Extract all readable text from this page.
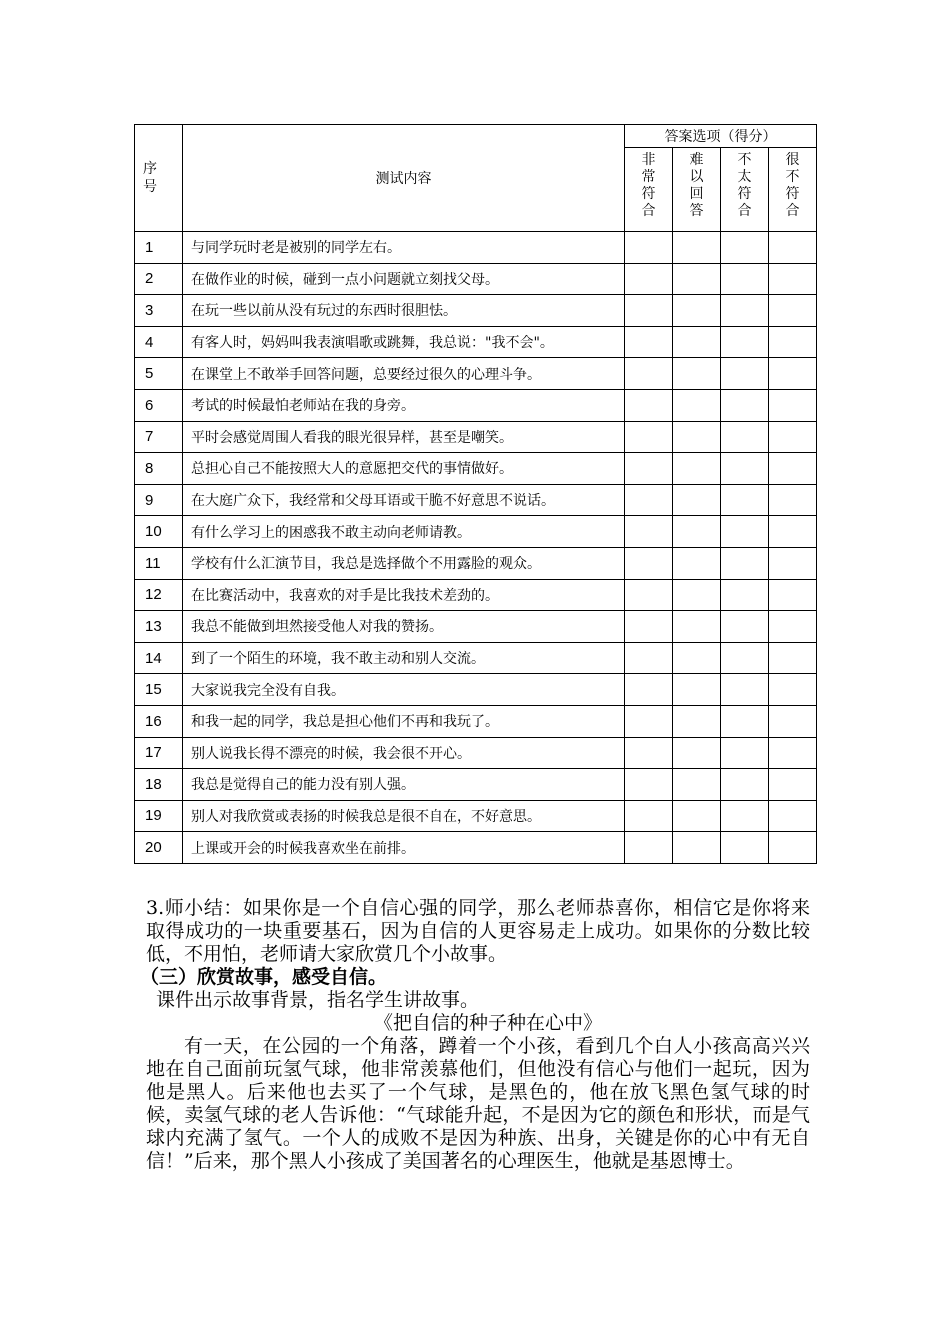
序号	测试内容	答案选项（得分）			
		非常符合	难以回答	不太符合	很不符合
1	与同学玩时老是被别的同学左右。				
2	在做作业的时候，碰到一点小问题就立刻找父母。				
3	在玩一些以前从没有玩过的东西时很胆怯。				
4	有客人时，妈妈叫我表演唱歌或跳舞，我总说："我不会"。				
5	在课堂上不敢举手回答问题，总要经过很久的心理斗争。				
6	考试的时候最怕老师站在我的身旁。				
7	平时会感觉周围人看我的眼光很异样，甚至是嘲笑。				
8	总担心自己不能按照大人的意愿把交代的事情做好。				
9	在大庭广众下，我经常和父母耳语或干脆不好意思不说话。				
10	有什么学习上的困惑我不敢主动向老师请教。				
11	学校有什么汇演节目，我总是选择做个不用露脸的观众。				
12	在比赛活动中，我喜欢的对手是比我技术差劲的。				
13	我总不能做到坦然接受他人对我的赞扬。				
14	到了一个陌生的环境，我不敢主动和别人交流。				
15	大家说我完全没有自我。				
16	和我一起的同学，我总是担心他们不再和我玩了。				
17	别人说我长得不漂亮的时候，我会很不开心。				
18	我总是觉得自己的能力没有别人强。				
19	别人对我欣赏或表扬的时候我总是很不自在，不好意思。				
20	上课或开会的时候我喜欢坐在前排。				

3.师小结：如果你是一个自信心强的同学，那么老师恭喜你，相信它是你将来取得成功的一块重要基石，因为自信的人更容易走上成功。如果你的分数比较低，不用怕，老师请大家欣赏几个小故事。

（三）欣赏故事，感受自信。

课件出示故事背景，指名学生讲故事。

《把自信的种子种在心中》

有一天，在公园的一个角落，蹲着一个小孩，看到几个白人小孩高高兴兴地在自己面前玩氢气球，他非常羡慕他们，但他没有信心与他们一起玩，因为他是黑人。后来他也去买了一个气球，是黑色的，他在放飞黑色氢气球的时候，卖氢气球的老人告诉他：“气球能升起，不是因为它的颜色和形状，而是气球内充满了氢气。一个人的成败不是因为种族、出身，关键是你的心中有无自信！”后来，那个黑人小孩成了美国著名的心理医生，他就是基恩博士。
